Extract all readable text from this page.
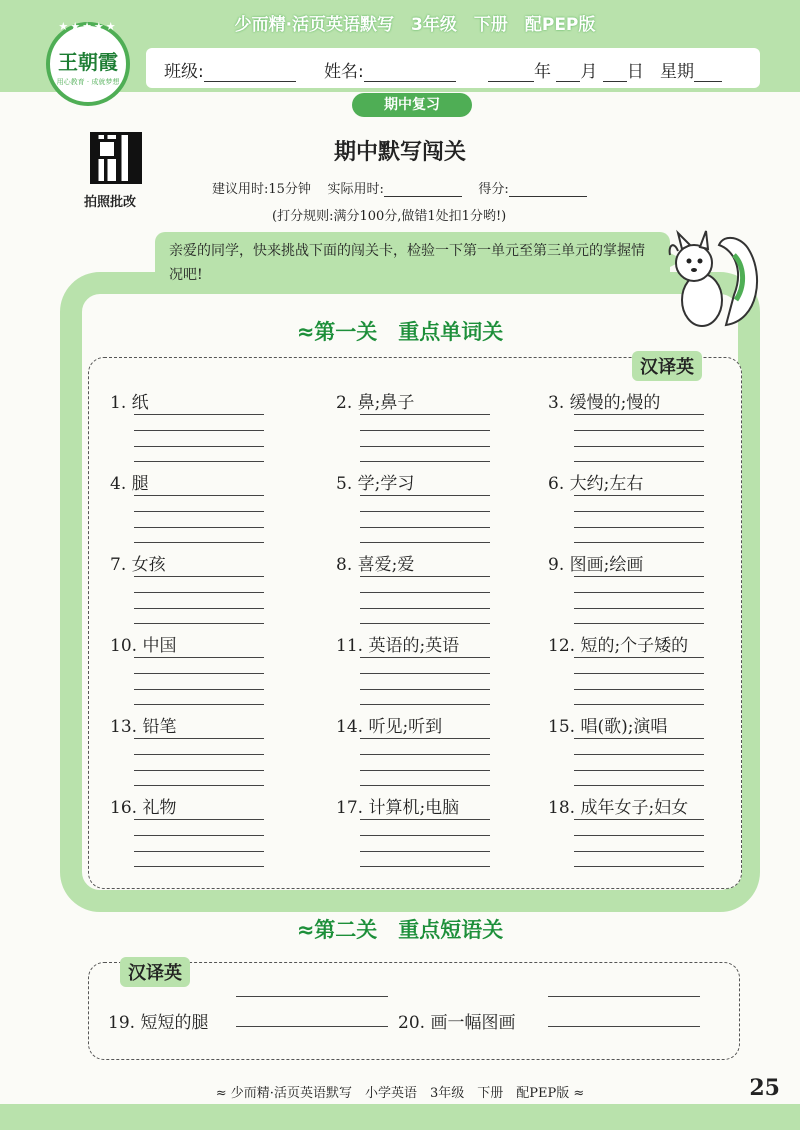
少而精·活页英语默写　3年级　下册　配PEP版
★★★★★
王朝霞
用心教育 · 成就梦想	班级:	姓名:	年 月 日 星期
期中复习
拍照批改
期中默写闯关
建议用时:15分钟 实际用时:	得分:
(打分规则:满分100分,做错1处扣1分哟!)
亲爱的同学，快来挑战下面的闯关卡，检验一下第一单元至第三单元的掌握情况吧!
≈第一关　重点单词关
汉译英
1. 纸	2. 鼻;鼻子	3. 缓慢的;慢的
4. 腿	5. 学;学习	6. 大约;左右
7. 女孩	8. 喜爱;爱	9. 图画;绘画
10. 中国	11. 英语的;英语	12. 短的;个子矮的
13. 铅笔	14. 听见;听到	15. 唱(歌);演唱
16. 礼物	17. 计算机;电脑	18. 成年女子;妇女
≈第二关　重点短语关
汉译英
19. 短短的腿	20. 画一幅图画
≈ 少而精·活页英语默写　小学英语　3年级　下册　配PEP版 ≈	25
